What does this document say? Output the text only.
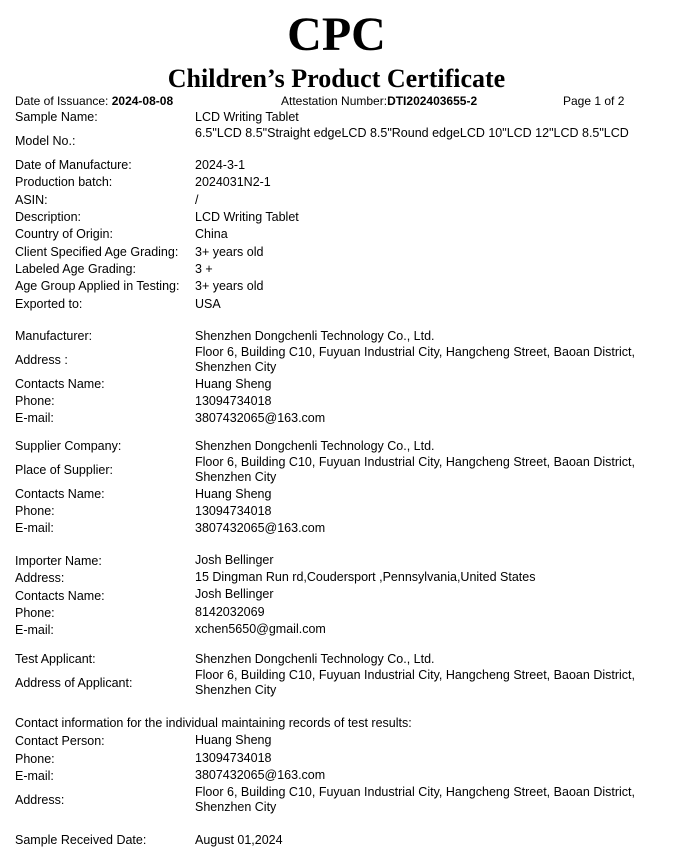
CPC
Children’s Product Certificate
Date of Issuance: 2024-08-08	Attestation Number:DTI202403655-2	Page 1 of 2
Sample Name:	LCD Writing Tablet
Model No.:
6.5"LCD 8.5"Straight edgeLCD 8.5"Round edgeLCD 10"LCD 12"LCD 8.5"LCD
Date of Manufacture:	2024-3-1
Production batch:	2024031N2-1
ASIN:	/
Description:	LCD Writing Tablet
Country of Origin:	China
Client Specified Age Grading: 3+ years old
Labeled Age Grading:	3 +
Age Group Applied in Testing: 3+ years old
Exported to:	USA
Manufacturer:	Shenzhen Dongchenli Technology Co., Ltd.
Address :
Floor 6, Building C10, Fuyuan Industrial City, Hangcheng Street, Baoan District, Shenzhen City
Contacts Name:	Huang Sheng
Phone:	13094734018
E-mail:	3807432065@163.com
Supplier Company:	Shenzhen Dongchenli Technology Co., Ltd.
Place of Supplier:
Floor 6, Building C10, Fuyuan Industrial City, Hangcheng Street, Baoan District, Shenzhen City
Contacts Name:	Huang Sheng
Phone:	13094734018
E-mail:	3807432065@163.com
Importer Name:	Josh Bellinger
Address:	15 Dingman Run rd,Coudersport ,Pennsylvania,United States
Contacts Name:	Josh Bellinger
Phone:	8142032069
E-mail:	xchen5650@gmail.com
Test Applicant:	Shenzhen Dongchenli Technology Co., Ltd.
Address of Applicant:
Floor 6, Building C10, Fuyuan Industrial City, Hangcheng Street, Baoan District, Shenzhen City
Contact information for the individual maintaining records of test results:
Contact Person:	Huang Sheng
Phone:	13094734018
E-mail:	3807432065@163.com
Address:
Floor 6, Building C10, Fuyuan Industrial City, Hangcheng Street, Baoan District, Shenzhen City
Sample Received Date:	August 01,2024
